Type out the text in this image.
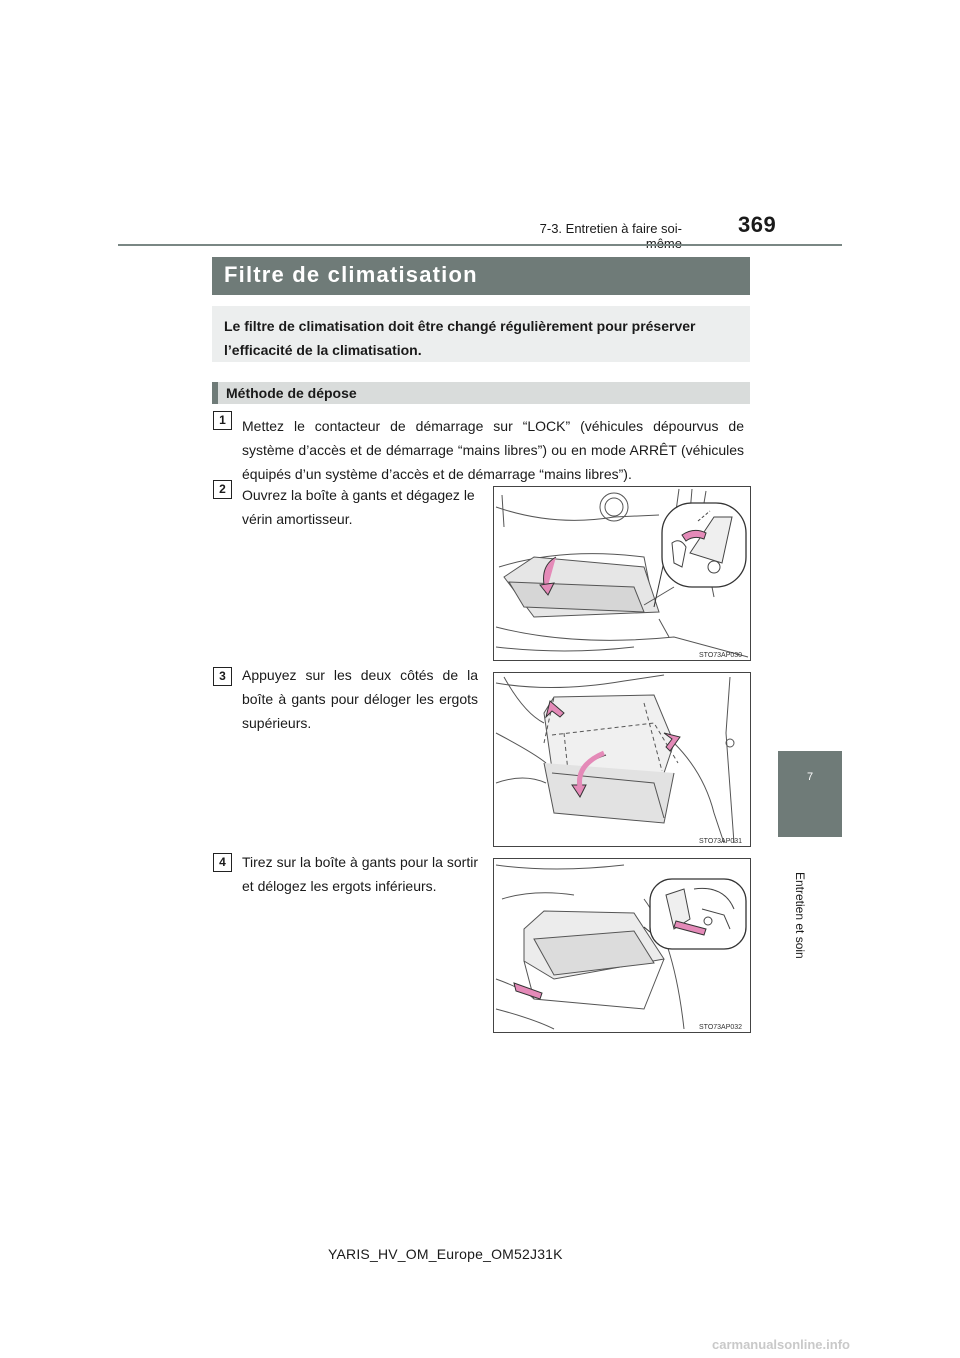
369
7-3. Entretien à faire soi-
7
Entretien et soin
Filtre de climatisation
Le filtre de climatisation doit être changé régulièrement pour préserver l’efficacité de la climatisation.
Méthode de dépose
1	Mettez le contacteur de démarrage sur “LOCK” (véhicules dépourvus de système d’accès et de démarrage “mains libres”) ou en mode ARRÊT (véhicules équipés d’un système d’accès et de démarrage “mains libres”).
2	Ouvrez la boîte à gants et dégagez le vérin amortisseur.
STO73AP030
3	Appuyez sur les deux côtés de la boîte à gants pour déloger les ergots supérieurs.
STO73AP031
4	Tirez sur la boîte à gants pour la sortir et délogez les ergots inférieurs.
STO73AP032
YARIS_HV_OM_Europe_OM52J31K
carmanualsonline.info
